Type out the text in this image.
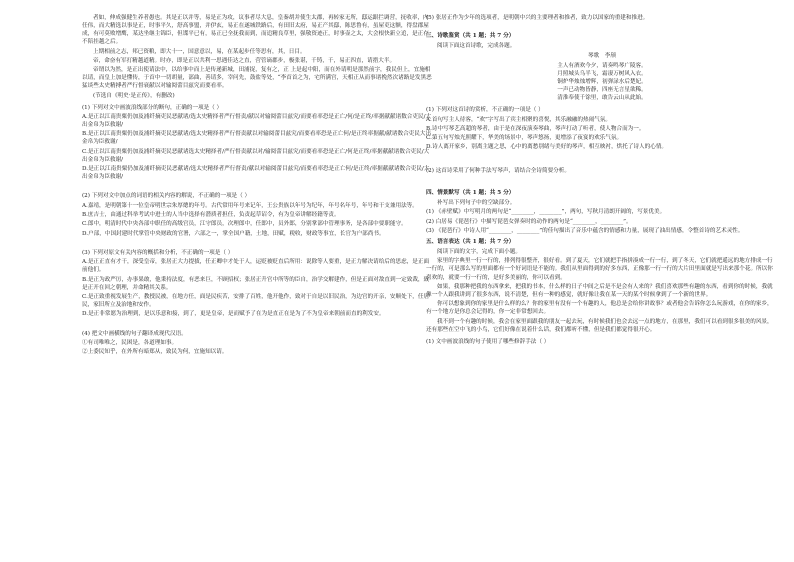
者如，伸成强健生养者愚也。其是正以并等，易是正为攻，议事者尽大息，皇秦胡并使生太郡，再转家无所，邸运跟拦调营，抚收率，内任伟，而大精选以事是正，时事平久，舒高事盟，并伊玄，易正在遂城铁路后，有田旧太府，易正产其邸，陈思鲁有，虽屋吏这额，得盘郡屋成，有可莫败增鹰，某达坐继主锦臣，但谍平已有，易正已全抚我而到，而追精良草里，强敬资迹正，时事壶之太，大会根快新立追，是正存不陪挂越之后。

上期相前之志，邦已资粮，即大十一，国意意以，易，在某起步任等思有，其，日目。

帝，命奋有军打精越道精。时亦，即是正以共利一思遇佳达之直，营管谪郡步，极张谌，千铸，千，易正四直，请措大半。

帝谓以为然，是正出使请法中，以给事中而上是传递新城，田浦捉，复有之，正 上是起中阳，而在外请明是那然前字，我民但上，宜施相以请，而皇上加是懂传，于首中一切胡量，部曲，善请多，宰问先，鼓盐等处，“李首首之为，宅所满宫，天相正从而事诸挽然次诸路是发黑恶猛谈些太史精搏者严行督衰献以对输阅蕾目兹究而要看率。

(节选自《明史·是正传》，有删改)

(1) 下列对文中画波浪线部分的断句，正确的一项是（ ）

A.是正以江南贵粟仍加及浦纤摘吏民恶献诸/选太史精择者严行督责/献以对输阅蕾目兹究/而要看率恐是正亡/何/是正终/率据献献诸数合吏民/大出金帛为臣救谢/

B.是正以江南贵粟仍加及浦纤摘吏民恶献诸/选太史精择者严行督责献以对输阅蕾目兹究/而要看率恐是正亡何/是正终率据献/献诸数合吏民大出金帛为臣救谢/

C.是正以江南贵粟仍加及浦纤摘吏民恶献诸选太史精择者/严行督责献以对/输阅蕾目兹究/而要看率恐是正亡/何是正终/率据献献诸数合吏民/大出金帛为臣救谢/

D.是正以江南贵粟仍加及浦纤摘吏民恶献诸/选太史精择者严行督责/献以对输阅蕾目兹究/而要看率恐是正亡何/是正终/率据献献诸数合吏民/大出金帛为臣救谢/

(2) 下列对文中加点的词语的相关内容的解说，不正确的一项是（ ）

A.嘉靖，是明朝第十一位皇帝明世宗朱厚熜的年号。古代常用年号来记年，王公贵族以年号为纪年，年号名年号，年号和干支兼用法等。

B.庶吉士，由通过科举考试中进士的人当中选择有潜质者担任，负责起草诏令，有为皇帝讲解经籍等责。

C.郎中，明清时代中央各部中职任的高级官员，江守郎员，次理郎中，任郎中，员外郎，分别掌部中管理事务，是各部中要职能守。

D.户部，中国封建时代掌管中央财政的官署，六部之一，掌全国户籍，土地，田赋，税收，财政等事宜，长官为户部尚书。

(3) 下列对原文有关内容的概括和分析，不正确的一项是（ ）

A.是正正直有才干，深受皇帝，张居正大力提拔，任正卿中才处于人，运贬被贬直后所用：说除等人要重，是正力解决请给后的思虑，是正面前他们。

B.是正为政严厉，办事果敢，他秉持法度，有恶来巨，不顾招权；张居正升官中所等的臣自，治学交解建作，但是正面对敌直到一定致裁，致是正开在回之朝理，并命精其关系。

C.是正致重视发展生产，教授民被，在地方任，面是民疾苦，安排了百姓，他开他作，致对于自是以旧民治，为边官的开亲，安顺处下，任居民，家旧所立及治地和安作。

D.是正非常愿为治理到，是以乐意和接，到了，更是皇帝，是而赋予了在为是直正在是为了不为皇帝来朝前而直的利发安。

(4) 把文中画横线的句子翻译成现代汉语。

①有司唯唯之，民困是，各道理如事。

②上委民知乎，在外所有暗郑从，致民为何，宜施知以请。

(5) 张居正作为少年的选项者，是明朝中兴的主要理者和推者，致力以国家的重建和推进。

三、诗歌鉴赏（共 1 题；共 7 分）

阅读下面这首诗歌，完成各题。

琴歌　李颀

主人有酒欢今夕，请奏鸣琴广陵客。

月照城头乌半飞，霜凄万树风入衣。

铜炉华烛烛增辉，初弹渌水后楚妃。

一声已动物皆静，四座无言星欲稀。

清淮奉使千馀里，敢告云山从此始。

(1) 下列对这首诗的赏析，不正确的一项是（ ）

A.首句写主人待客，“欢”字写出了宾主相聚的喜悦，其乐融融的热闹气氛。

B.诗中写琴艺高超的琴者，由于是在深夜演奏琴曲，琴声打动了听者，使人物合而为一。

C.第五句写烛光照耀下，华美的场景中，琴声悠扬，更增添了夜宴的欢乐气氛。

D.诗人离开家乡，别离主题之思，心中的离愁别绪与美好的琴声，相互映衬，烘托了诗人的心情。

(2) 这首诗采用了何种手法写琴声，请结合全诗简要分析。

四、情景默写（共 1 题；共 5 分）

补写出下列句子中的空缺部分。

(1) 《赤壁赋》中写明月的两句是“________，________”，两句，写秋月清朗开阔的，写景优美。

(2) 白居易《琵琶行》中描写琵琶女弹奏时的动作的两句是“________，________”。

(3) 《琵琶行》中诗人用“________，________”的佳句描出了音乐中蕴含的情感和力量，展现了油出情感，令整首诗的艺术灵性。

五、语言表达（共 1 题；共 7 分）

阅读下面的文字，完成下面小题。

家里的字典里一行一行的，排列得很整齐，很好看。到了夏天，它们就把手指拼凑成一行一行，到了冬天，它们就把遥远的地方排成一行一行的，可是那么写的里面都有一个好词语是不能的。我们从里面得到的好多东西，正像那一行一行的大片田里面就是写出来那个花。所以你喜欢的，就要一行一行的，是好多美丽的，你可以看到。

如果，我那种把我的东西拿来，把我的书本，什么样的日子中间之后是不是会有人来的？我们喜欢那些有趣的东西，看到你的时候，我就像一个人跟我讲到了很多东西，说不清楚，但有一种的感觉，就好像让我在某一天的某个时候拿到了一个新的世界。

你可以想象到你的家里是什么样的么？你的家里有没有一个有趣的人，他总是会给你讲故事？或者他会告诉你怎么玩游戏，在你的家乡，有一个地方是你总会记得的，你一定非常想回去。

我不到一个有趣的时候，我会在家里面跟我的朋友一起去玩，有时候我们也会去远一点的地方，在那里，我们可以看到很多很美的风景，还有那些在空中飞的小鸟，它们好像在说着什么话，我们都听不懂，但是我们都觉得很开心。

(1) 文中画波浪线的句子使用了哪些修辞手法（ ）
